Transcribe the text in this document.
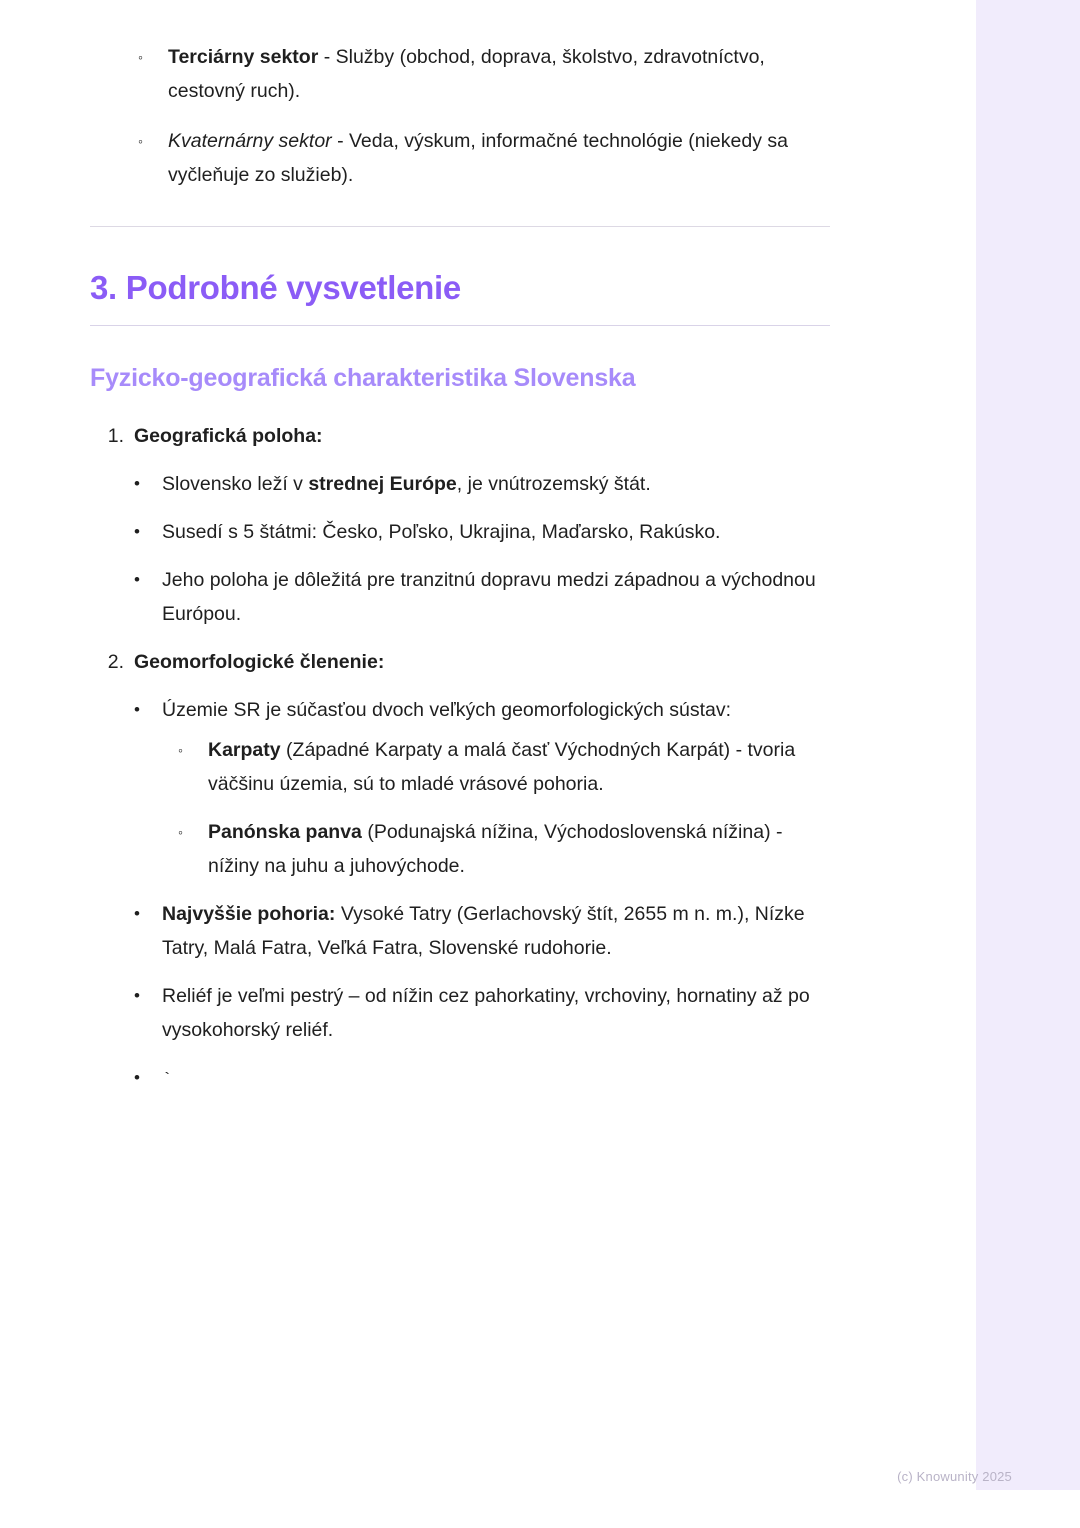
◦	Terciárny sektor - Služby (obchod, doprava, školstvo, zdravotníctvo, cestovný ruch).
◦	Kvaternárny sektor - Veda, výskum, informačné technológie (niekedy sa vyčleňuje zo služieb).
3. Podrobné vysvetlenie
Fyzicko-geografická charakteristika Slovenska
1. Geografická poloha:
•	Slovensko leží v strednej Európe, je vnútrozemský štát.
•	Susedí s 5 štátmi: Česko, Poľsko, Ukrajina, Maďarsko, Rakúsko.
•	Jeho poloha je dôležitá pre tranzitnú dopravu medzi západnou a východnou Európou.
2. Geomorfologické členenie:
•	Územie SR je súčasťou dvoch veľkých geomorfologických sústav:
◦	Karpaty (Západné Karpaty a malá časť Východných Karpát) - tvoria väčšinu územia, sú to mladé vrásové pohoria.
◦	Panónska panva (Podunajská nížina, Východoslovenská nížina) - nížiny na juhu a juhovýchode.
•	Najvyššie pohoria: Vysoké Tatry (Gerlachovský štít, 2655 m n. m.), Nízke Tatry, Malá Fatra, Veľká Fatra, Slovenské rudohorie.
•	Reliéf je veľmi pestrý – od nížin cez pahorkatiny, vrchoviny, hornatiny až po vysokohorský reliéf.
•	`
(c) Knowunity 2025
